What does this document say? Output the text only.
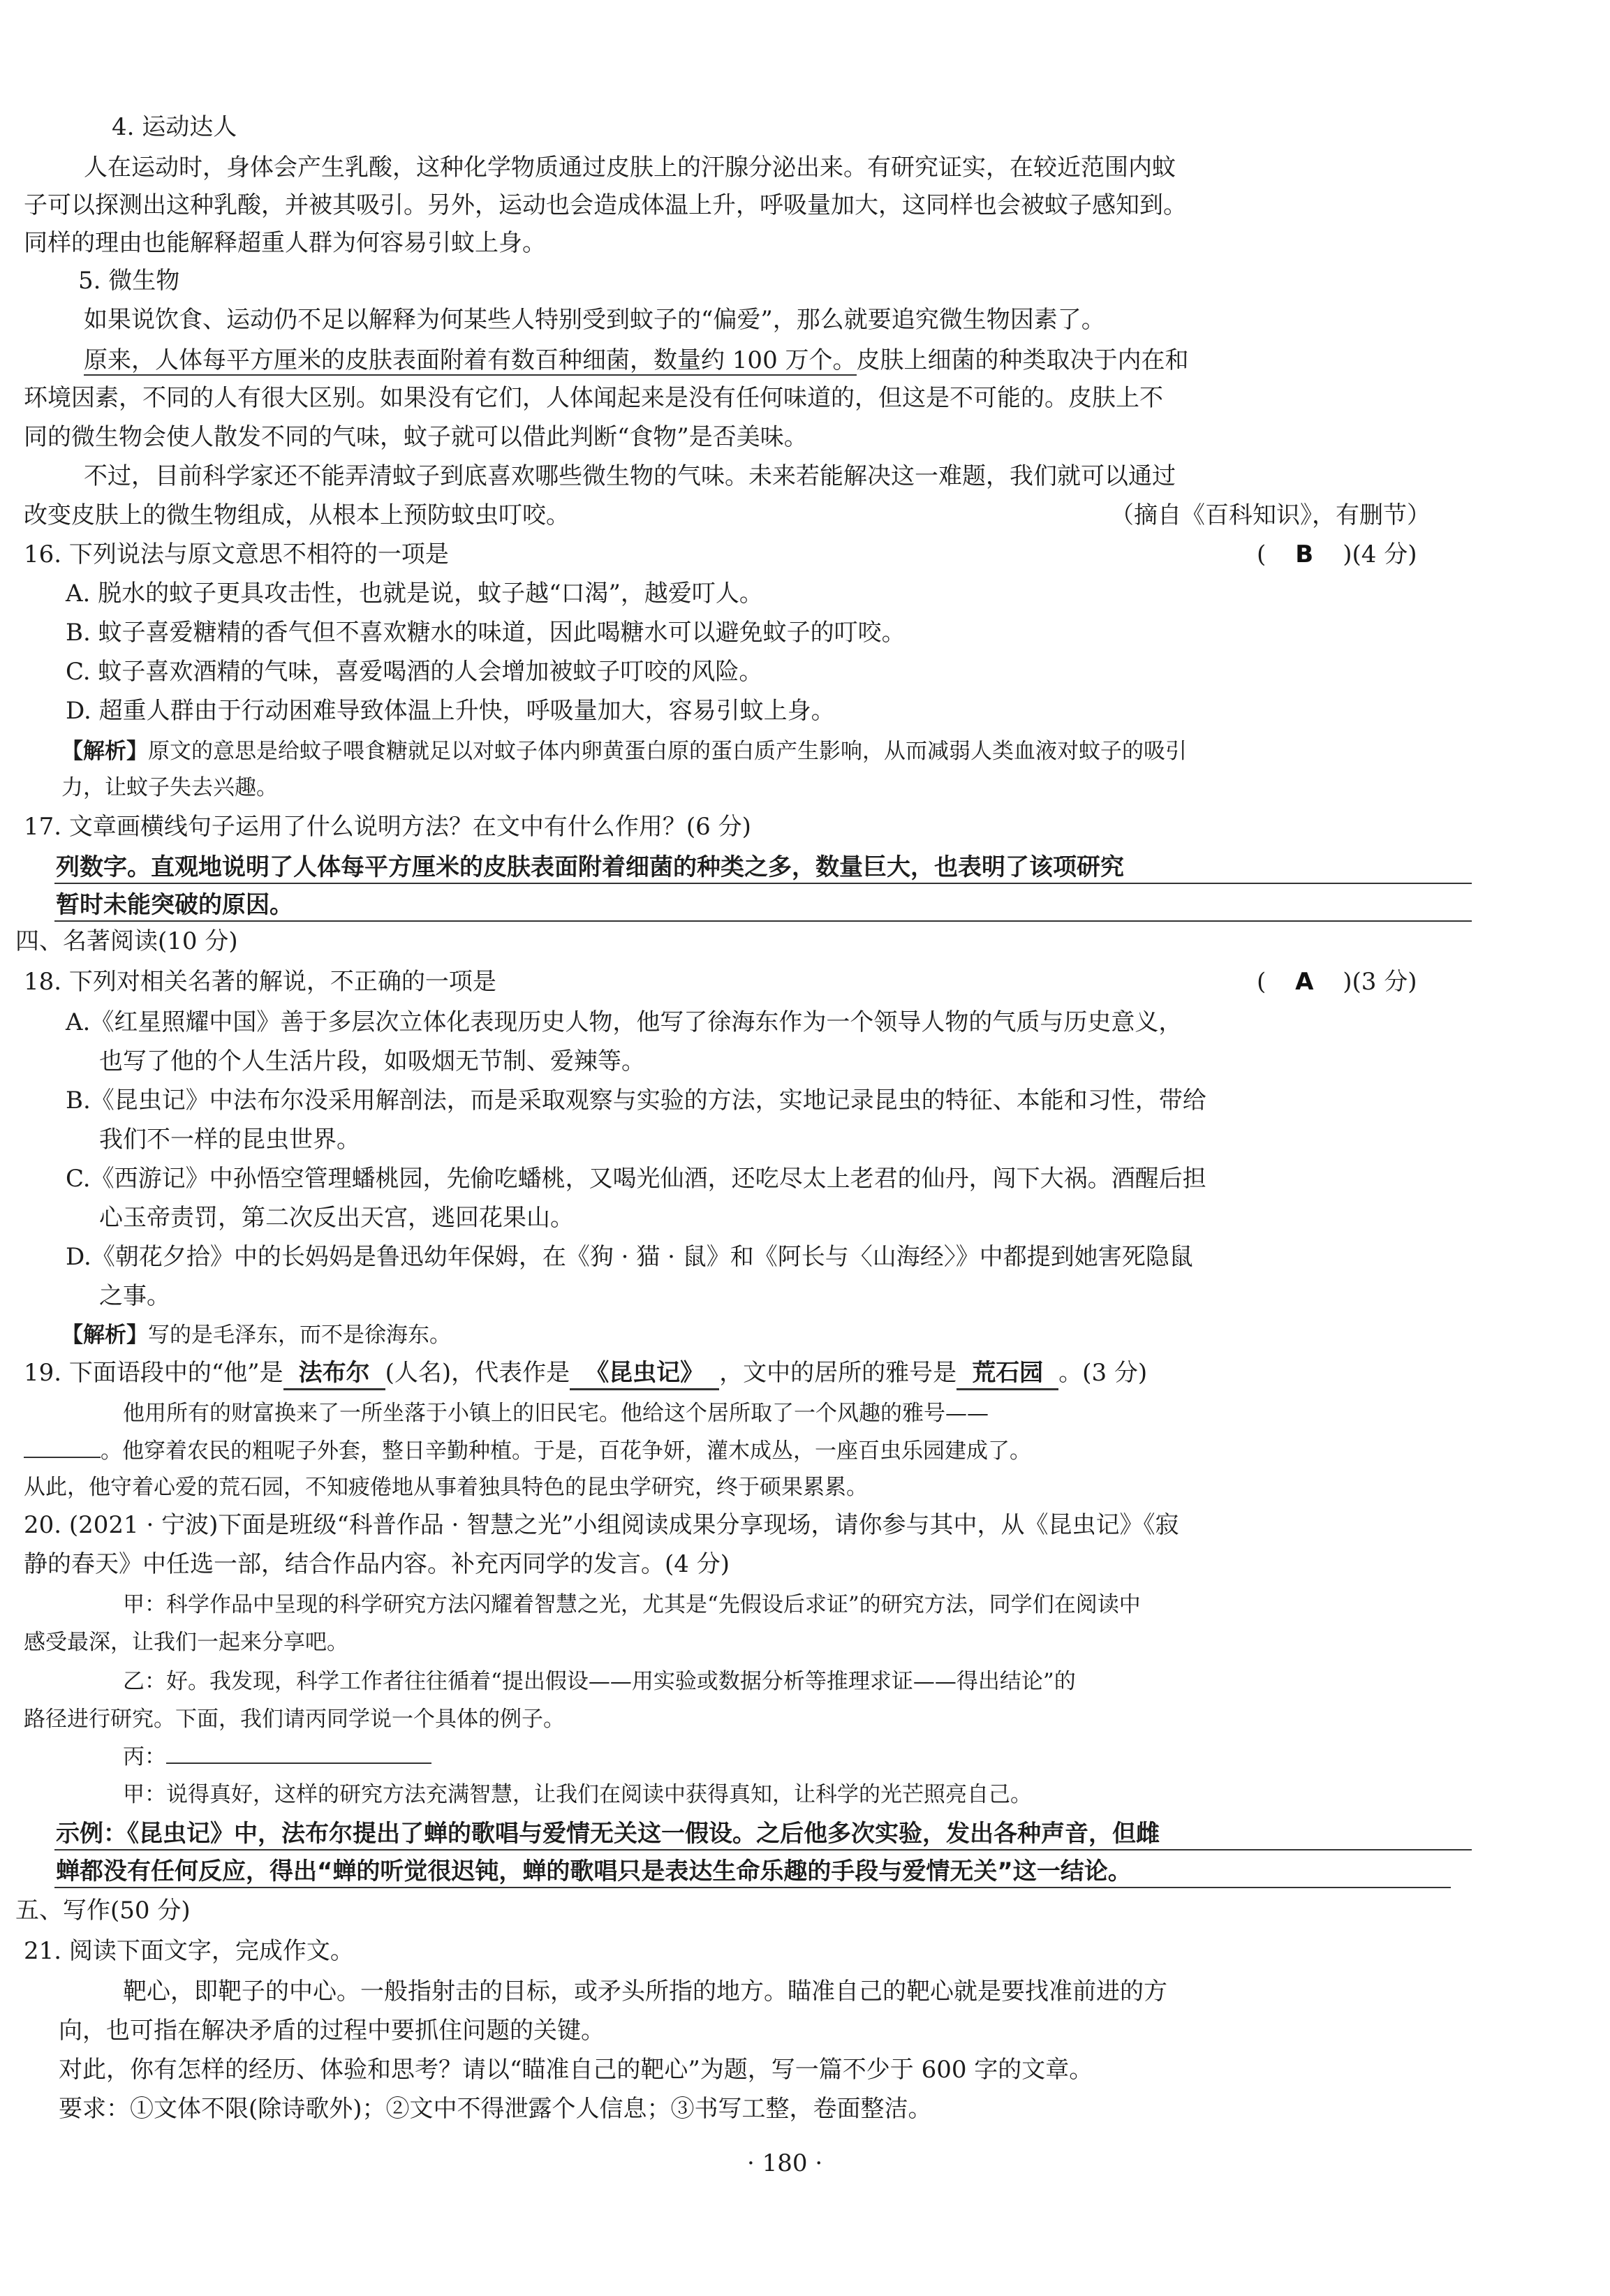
4. 运动达人
人在运动时，身体会产生乳酸，这种化学物质通过皮肤上的汗腺分泌出来。有研究证实，在较近范围内蚊
子可以探测出这种乳酸，并被其吸引。另外，运动也会造成体温上升，呼吸量加大，这同样也会被蚊子感知到。
同样的理由也能解释超重人群为何容易引蚊上身。
5. 微生物
如果说饮食、运动仍不足以解释为何某些人特别受到蚊子的“偏爱”，那么就要追究微生物因素了。
原来，人体每平方厘米的皮肤表面附着有数百种细菌，数量约 100 万个。皮肤上细菌的种类取决于内在和
环境因素，不同的人有很大区别。如果没有它们，人体闻起来是没有任何味道的，但这是不可能的。皮肤上不
同的微生物会使人散发不同的气味，蚊子就可以借此判断“食物”是否美味。
不过，目前科学家还不能弄清蚊子到底喜欢哪些微生物的气味。未来若能解决这一难题，我们就可以通过
改变皮肤上的微生物组成，从根本上预防蚊虫叮咬。	（摘自《百科知识》，有删节）
16. 下列说法与原文意思不相符的一项是	( B )(4 分)
A. 脱水的蚊子更具攻击性，也就是说，蚊子越“口渴”，越爱叮人。
B. 蚊子喜爱糖精的香气但不喜欢糖水的味道，因此喝糖水可以避免蚊子的叮咬。
C. 蚊子喜欢酒精的气味，喜爱喝酒的人会增加被蚊子叮咬的风险。
D. 超重人群由于行动困难导致体温上升快，呼吸量加大，容易引蚊上身。
【解析】原文的意思是给蚊子喂食糖就足以对蚊子体内卵黄蛋白原的蛋白质产生影响，从而减弱人类血液对蚊子的吸引
力，让蚊子失去兴趣。
17. 文章画横线句子运用了什么说明方法？在文中有什么作用？(6 分)
列数字。直观地说明了人体每平方厘米的皮肤表面附着细菌的种类之多，数量巨大，也表明了该项研究
暂时未能突破的原因。
四、名著阅读(10 分)
18. 下列对相关名著的解说，不正确的一项是	( A )(3 分)
A.《红星照耀中国》善于多层次立体化表现历史人物，他写了徐海东作为一个领导人物的气质与历史意义，
也写了他的个人生活片段，如吸烟无节制、爱辣等。
B.《昆虫记》中法布尔没采用解剖法，而是采取观察与实验的方法，实地记录昆虫的特征、本能和习性，带给
我们不一样的昆虫世界。
C.《西游记》中孙悟空管理蟠桃园，先偷吃蟠桃，又喝光仙酒，还吃尽太上老君的仙丹，闯下大祸。酒醒后担
心玉帝责罚，第二次反出天宫，逃回花果山。
D.《朝花夕拾》中的长妈妈是鲁迅幼年保姆，在《狗 · 猫 · 鼠》和《阿长与〈山海经〉》中都提到她害死隐鼠
之事。
【解析】写的是毛泽东，而不是徐海东。
19. 下面语段中的“他”是 法布尔 (人名)，代表作是 《昆虫记》 ，文中的居所的雅号是 荒石园 。(3 分)
他用所有的财富换来了一所坐落于小镇上的旧民宅。他给这个居所取了一个风趣的雅号——
。他穿着农民的粗呢子外套，整日辛勤种植。于是，百花争妍，灌木成丛，一座百虫乐园建成了。
从此，他守着心爱的荒石园，不知疲倦地从事着独具特色的昆虫学研究，终于硕果累累。
20. (2021 · 宁波)下面是班级“科普作品 · 智慧之光”小组阅读成果分享现场，请你参与其中，从《昆虫记》《寂
静的春天》中任选一部，结合作品内容。补充丙同学的发言。(4 分)
甲：科学作品中呈现的科学研究方法闪耀着智慧之光，尤其是“先假设后求证”的研究方法，同学们在阅读中
感受最深，让我们一起来分享吧。
乙：好。我发现，科学工作者往往循着“提出假设——用实验或数据分析等推理求证——得出结论”的
路径进行研究。下面，我们请丙同学说一个具体的例子。
丙：
甲：说得真好，这样的研究方法充满智慧，让我们在阅读中获得真知，让科学的光芒照亮自己。
示例：《昆虫记》中，法布尔提出了蝉的歌唱与爱情无关这一假设。之后他多次实验，发出各种声音，但雌
蝉都没有任何反应，得出“蝉的听觉很迟钝，蝉的歌唱只是表达生命乐趣的手段与爱情无关”这一结论。
五、写作(50 分)
21. 阅读下面文字，完成作文。
靶心，即靶子的中心。一般指射击的目标，或矛头所指的地方。瞄准自己的靶心就是要找准前进的方
向，也可指在解决矛盾的过程中要抓住问题的关键。
对此，你有怎样的经历、体验和思考？请以“瞄准自己的靶心”为题，写一篇不少于 600 字的文章。
要求：①文体不限(除诗歌外)；②文中不得泄露个人信息；③书写工整，卷面整洁。
· 180 ·
